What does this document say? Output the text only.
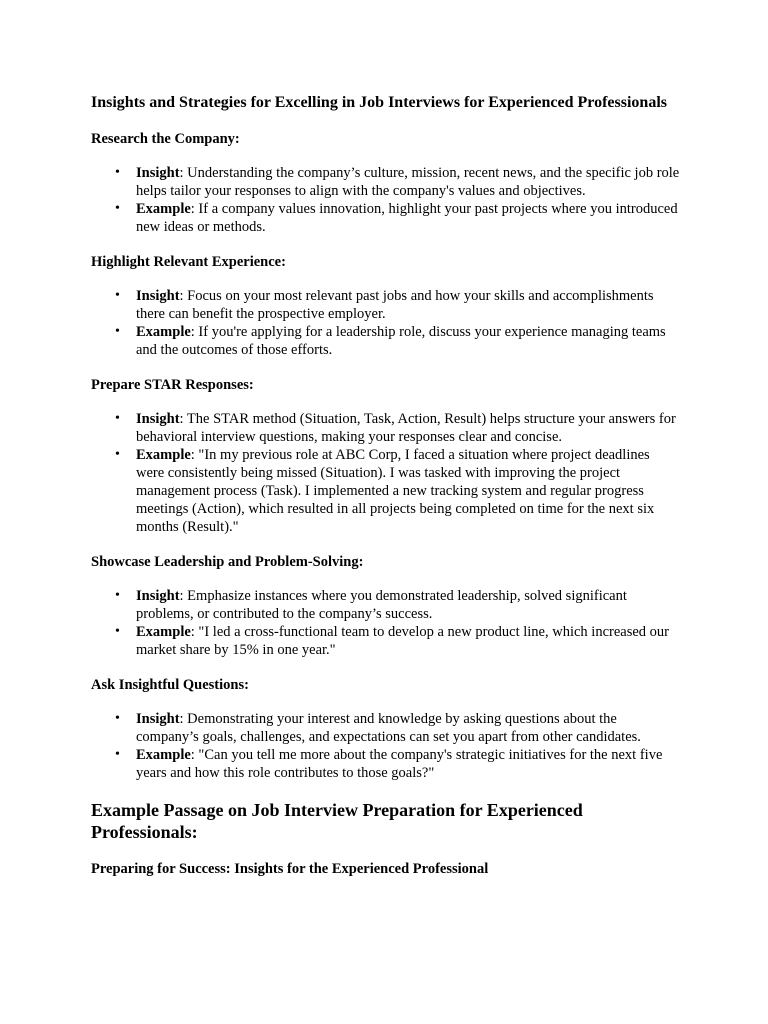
Insights and Strategies for Excelling in Job Interviews for Experienced Professionals
Research the Company:
• Insight: Understanding the company’s culture, mission, recent news, and the specific job role helps tailor your responses to align with the company's values and objectives.
• Example: If a company values innovation, highlight your past projects where you introduced new ideas or methods.
Highlight Relevant Experience:
• Insight: Focus on your most relevant past jobs and how your skills and accomplishments there can benefit the prospective employer.
• Example: If you're applying for a leadership role, discuss your experience managing teams and the outcomes of those efforts.
Prepare STAR Responses:
• Insight: The STAR method (Situation, Task, Action, Result) helps structure your answers for behavioral interview questions, making your responses clear and concise.
• Example: "In my previous role at ABC Corp, I faced a situation where project deadlines were consistently being missed (Situation). I was tasked with improving the project management process (Task). I implemented a new tracking system and regular progress meetings (Action), which resulted in all projects being completed on time for the next six months (Result)."
Showcase Leadership and Problem-Solving:
• Insight: Emphasize instances where you demonstrated leadership, solved significant problems, or contributed to the company’s success.
• Example: "I led a cross-functional team to develop a new product line, which increased our market share by 15% in one year."
Ask Insightful Questions:
• Insight: Demonstrating your interest and knowledge by asking questions about the company’s goals, challenges, and expectations can set you apart from other candidates.
• Example: "Can you tell me more about the company's strategic initiatives for the next five years and how this role contributes to those goals?"
Example Passage on Job Interview Preparation for Experienced Professionals:
Preparing for Success: Insights for the Experienced Professional
